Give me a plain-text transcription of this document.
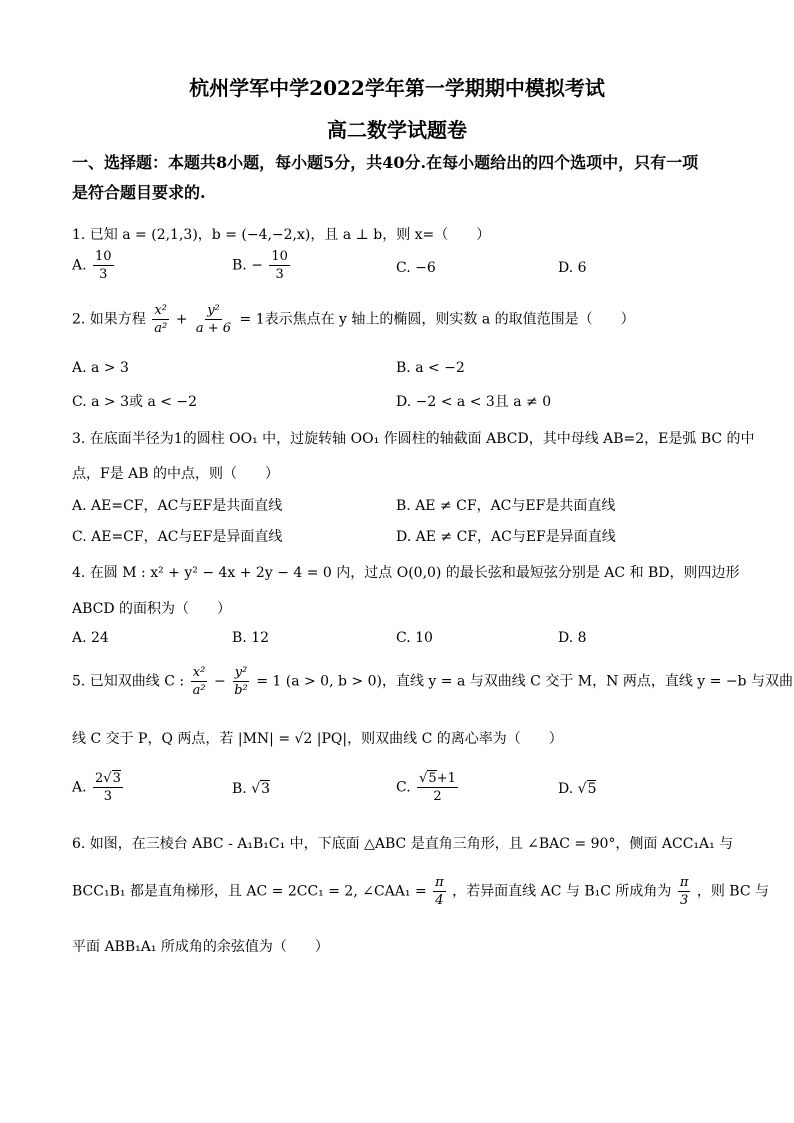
杭州学军中学2022学年第一学期期中模拟考试
高二数学试题卷
一、选择题：本题共8小题，每小题5分，共40分.在每小题给出的四个选项中，只有一项
是符合题目要求的.
1. 已知 a = (2,1,3)，b = (−4,−2,x)，且 a ⊥ b，则 x=（　　）
A. $\frac{10}{3}$	B. − $\frac{10}{3}$	C. −6	D. 6
2. 如果方程 $\frac{\text{x²}}{\text{a²}} + \frac{\text{y²}}{a + 6} = 1$表示焦点在 y 轴上的椭圆，则实数 a 的取值范围是（　　）
A. a > 3	B. a < −2
C. a > 3或 a < −2	D. −2 < a < 3且 a ≠ 0
3. 在底面半径为1的圆柱 OO₁ 中，过旋转轴 OO₁ 作圆柱的轴截面 ABCD，其中母线 AB=2，E是弧 BC 的中
点，F是 AB 的中点，则（　　）
A. AE=CF，AC与EF是共面直线	B. AE ≠ CF，AC与EF是共面直线
C. AE=CF，AC与EF是异面直线	D. AE ≠ CF，AC与EF是异面直线
4. 在圆 M : x² + y² − 4x + 2y − 4 = 0 内，过点 O(0,0) 的最长弦和最短弦分别是 AC 和 BD，则四边形
ABCD 的面积为（　　）
A. 24	B. 12	C. 10	D. 8
5. 已知双曲线 C : $\frac{\text{x²}}{\text{a²}} - \frac{\text{y²}}{\text{b²}} = 1$ (a > 0, b > 0)，直线 y = a 与双曲线 C 交于 M，N 两点，直线 y = −b 与双曲
线 C 交于 P，Q 两点，若 |MN| = √2 |PQ|，则双曲线 C 的离心率为（　　）
A. $\frac{2√3}{3}$	B. √3	C. $\frac{√5+1}{2}$	D. √5
6. 如图，在三棱台 ABC - A₁B₁C₁ 中，下底面 △ABC 是直角三角形，且 ∠BAC = 90°，侧面 ACC₁A₁ 与
BCC₁B₁ 都是直角梯形，且 AC = 2CC₁ = 2, ∠CAA₁ = $\frac{\pi}{4}$ ，若异面直线 AC 与 B₁C 所成角为 $\frac{\pi}{3}$ ，则 BC 与
平面 ABB₁A₁ 所成角的余弦值为（　　）
